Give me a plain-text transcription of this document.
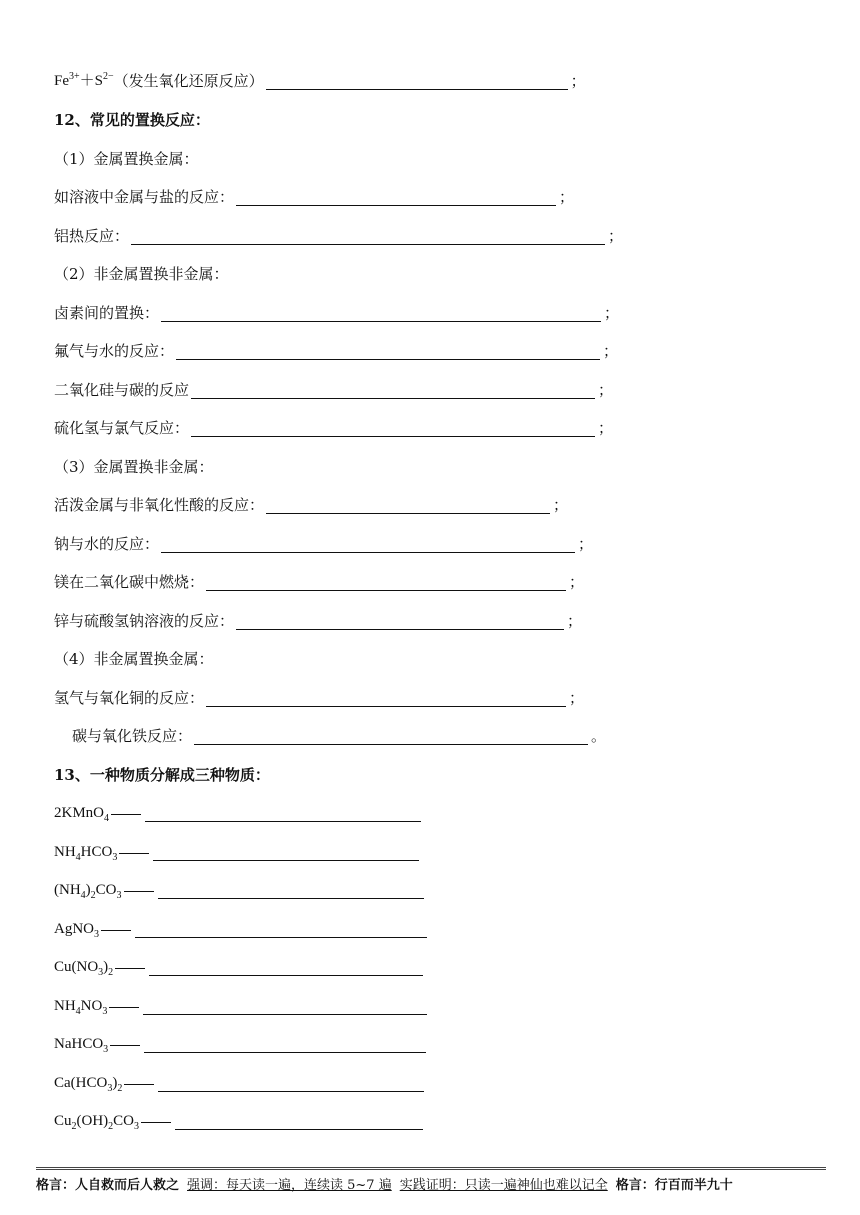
$Fe^{3+}+S^{2-}$ （发生氧化还原反应）	；
12、常见的置换反应：
（1）金属置换金属：
如溶液中金属与盐的反应：	；
铝热反应：	；
（2）非金属置换非金属：
卤素间的置换：	；
氟气与水的反应：	；
二氧化硅与碳的反应	；
硫化氢与氯气反应：	；
（3）金属置换非金属：
活泼金属与非氧化性酸的反应：	；
钠与水的反应：	；
镁在二氧化碳中燃烧：	；
锌与硫酸氢钠溶液的反应：	；
（4）非金属置换金属：
氢气与氧化铜的反应：	；
碳与氧化铁反应：	。
13、一种物质分解成三种物质：
2KMnO$_4$
$NH_4HCO_3$
$(NH_4)_2CO_3$
AgNO$_3$
$Cu(NO_3)_2$
$NH_4NO_3$
NaHCO$_3$
$Ca(HCO_3)_2$
$Cu_2(OH)_2CO_3$
格言：人自救而后人救之 强调：每天读一遍，连续读 5~7 遍 实践证明：只读一遍神仙也难以记全 格言：行百而半九十
